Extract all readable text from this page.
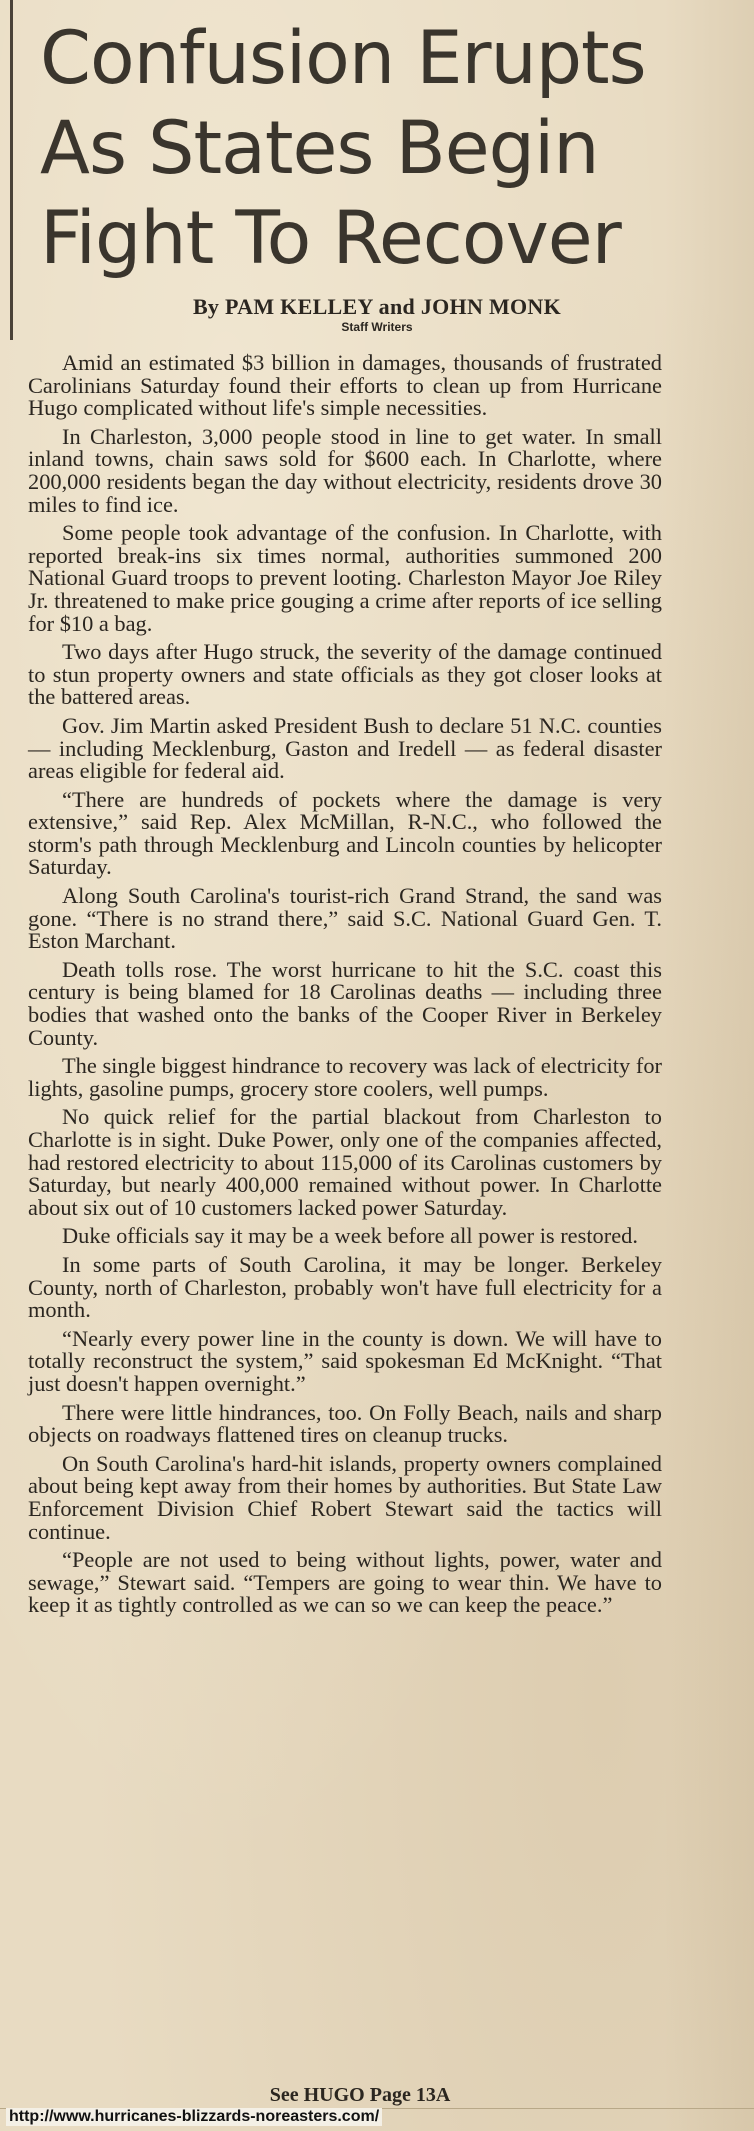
Confusion Erupts
As States Begin
Fight To Recover
By PAM KELLEY and JOHN MONK
Staff Writers

Amid an estimated $3 billion in damages, thousands of frustrated Carolinians Saturday found their efforts to clean up from Hurricane Hugo complicated without life's simple necessities.

In Charleston, 3,000 people stood in line to get water. In small inland towns, chain saws sold for $600 each. In Charlotte, where 200,000 residents began the day without electricity, residents drove 30 miles to find ice.

Some people took advantage of the confusion. In Charlotte, with reported break-ins six times normal, authorities summoned 200 National Guard troops to prevent looting. Charleston Mayor Joe Riley Jr. threatened to make price gouging a crime after reports of ice selling for $10 a bag.

Two days after Hugo struck, the severity of the damage continued to stun property owners and state officials as they got closer looks at the battered areas.

Gov. Jim Martin asked President Bush to declare 51 N.C. counties — including Mecklenburg, Gaston and Iredell — as federal disaster areas eligible for federal aid.

“There are hundreds of pockets where the damage is very extensive,” said Rep. Alex McMillan, R-N.C., who followed the storm's path through Mecklenburg and Lincoln counties by helicopter Saturday.

Along South Carolina's tourist-rich Grand Strand, the sand was gone. “There is no strand there,” said S.C. National Guard Gen. T. Eston Marchant.

Death tolls rose. The worst hurricane to hit the S.C. coast this century is being blamed for 18 Carolinas deaths — including three bodies that washed onto the banks of the Cooper River in Berkeley County.

The single biggest hindrance to recovery was lack of electricity for lights, gasoline pumps, grocery store coolers, well pumps.

No quick relief for the partial blackout from Charleston to Charlotte is in sight. Duke Power, only one of the companies affected, had restored electricity to about 115,000 of its Carolinas customers by Saturday, but nearly 400,000 remained without power. In Charlotte about six out of 10 customers lacked power Saturday.

Duke officials say it may be a week before all power is restored.

In some parts of South Carolina, it may be longer. Berkeley County, north of Charleston, probably won't have full electricity for a month.

“Nearly every power line in the county is down. We will have to totally reconstruct the system,” said spokesman Ed McKnight. “That just doesn't happen overnight.”

There were little hindrances, too. On Folly Beach, nails and sharp objects on roadways flattened tires on cleanup trucks.

On South Carolina's hard-hit islands, property owners complained about being kept away from their homes by authorities. But State Law Enforcement Division Chief Robert Stewart said the tactics will continue.

“People are not used to being without lights, power, water and sewage,” Stewart said. “Tempers are going to wear thin. We have to keep it as tightly controlled as we can so we can keep the peace.”

See HUGO Page 13A
http://www.hurricanes-blizzards-noreasters.com/
